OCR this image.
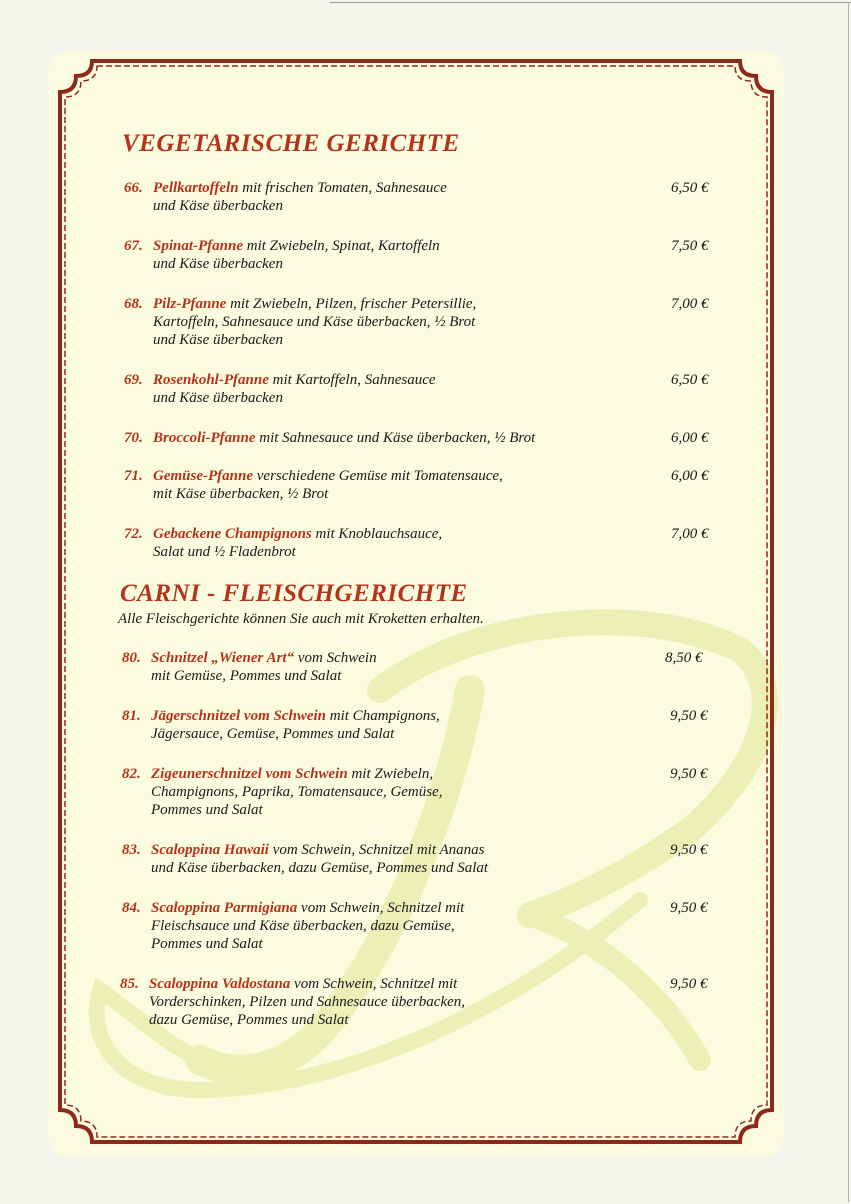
VEGETARISCHE GERICHTE
66. Pellkartoffeln mit frischen Tomaten, Sahnesauce
und Käse überbacken
6,50 €
67. Spinat-Pfanne mit Zwiebeln, Spinat, Kartoffeln
und Käse überbacken
7,50 €
68. Pilz-Pfanne mit Zwiebeln, Pilzen, frischer Petersillie,
Kartoffeln, Sahnesauce und Käse überbacken, ½ Brot
und Käse überbacken
7,00 €
69. Rosenkohl-Pfanne mit Kartoffeln, Sahnesauce
und Käse überbacken
6,50 €
70. Broccoli-Pfanne mit Sahnesauce und Käse überbacken, ½ Brot	6,00 €
71. Gemüse-Pfanne verschiedene Gemüse mit Tomatensauce,
mit Käse überbacken, ½ Brot
6,00 €
72. Gebackene Champignons mit Knoblauchsauce,
Salat und ½ Fladenbrot
7,00 €
CARNI - FLEISCHGERICHTE

Alle Fleischgerichte können Sie auch mit Kroketten erhalten.

80. Schnitzel „Wiener Art“ vom Schwein
mit Gemüse, Pommes und Salat
8,50 €
81. Jägerschnitzel vom Schwein mit Champignons,
Jägersauce, Gemüse, Pommes und Salat
9,50 €
82. Zigeunerschnitzel vom Schwein mit Zwiebeln,
Champignons, Paprika, Tomatensauce, Gemüse,
Pommes und Salat
9,50 €
83. Scaloppina Hawaii vom Schwein, Schnitzel mit Ananas
und Käse überbacken, dazu Gemüse, Pommes und Salat
9,50 €
84. Scaloppina Parmigiana vom Schwein, Schnitzel mit
Fleischsauce und Käse überbacken, dazu Gemüse,
Pommes und Salat
9,50 €
85. Scaloppina Valdostana vom Schwein, Schnitzel mit
Vorderschinken, Pilzen und Sahnesauce überbacken,
dazu Gemüse, Pommes und Salat
9,50 €
